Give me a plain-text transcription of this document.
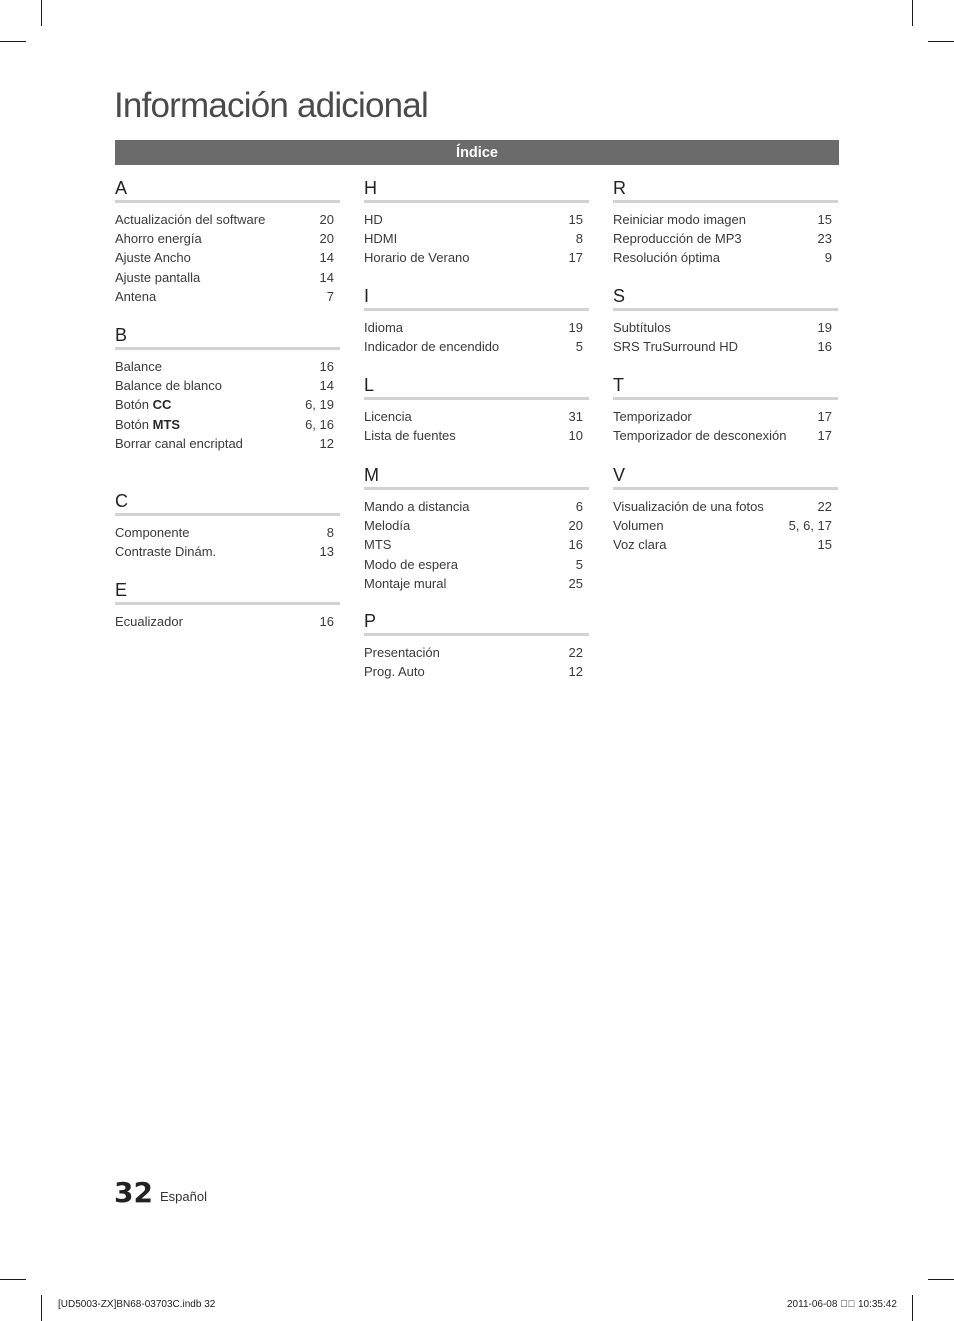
Información adicional
Índice
A
Actualización del software	20
Ahorro energía	20
Ajuste Ancho	14
Ajuste pantalla	14
Antena	7
B
Balance	16
Balance de blanco	14
Botón CC	6, 19
Botón MTS	6, 16
Borrar canal encriptad	12
C
Componente	8
Contraste Dinám.	13
E
Ecualizador	16
H
HD	15
HDMI	8
Horario de Verano	17
I
Idioma	19
Indicador de encendido	5
L
Licencia	31
Lista de fuentes	10
M
Mando a distancia	6
Melodía	20
MTS	16
Modo de espera	5
Montaje mural	25
P
Presentación	22
Prog. Auto	12
R
Reiniciar modo imagen	15
Reproducción de MP3	23
Resolución óptima	9
S
Subtítulos	19
SRS TruSurround HD	16
T
Temporizador	17
Temporizador de desconexión 17
V
Visualización de una fotos	22
Volumen	5, 6, 17
Voz clara	15
32 Español
[UD5003-ZX]BN68-03703C.indb 32	2011-06-08 ￿￿ 10:35:42
